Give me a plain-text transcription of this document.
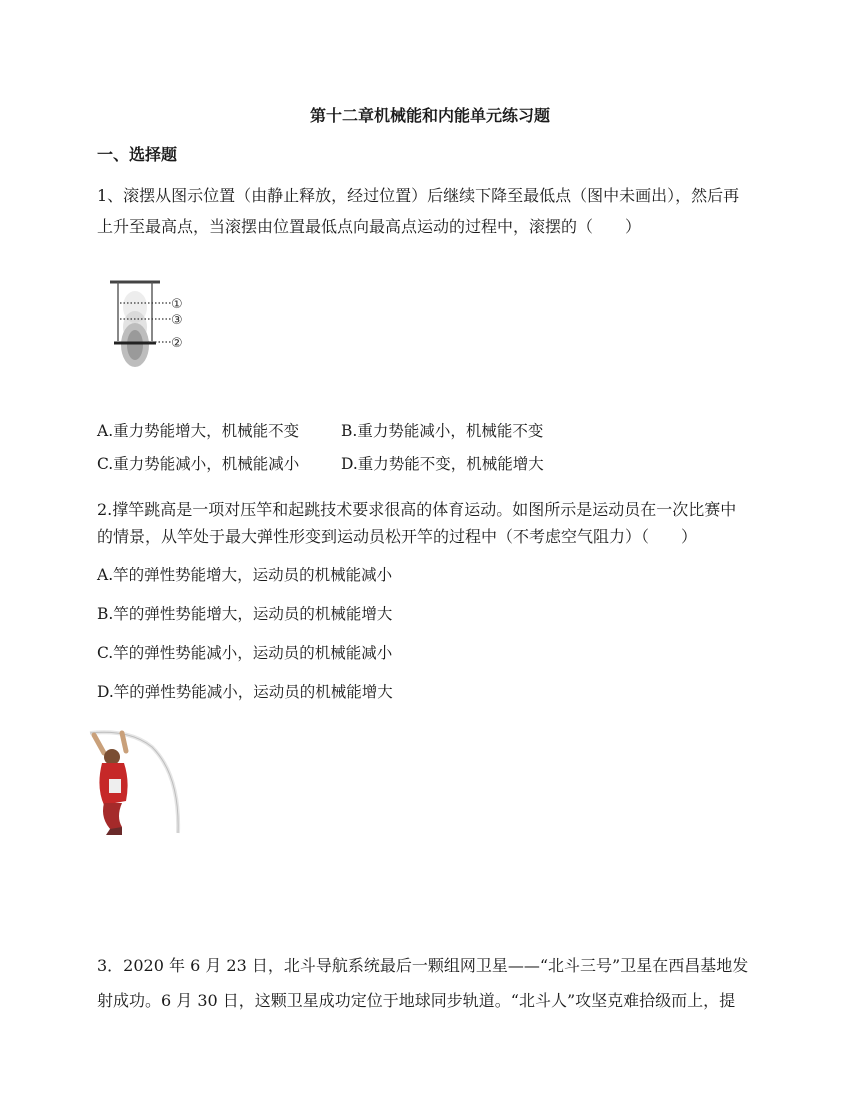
第十二章机械能和内能单元练习题
一、选择题
1、滚摆从图示位置（由静止释放，经过位置）后继续下降至最低点（图中未画出），然后再
上升至最高点，当滚摆由位置最低点向最高点运动的过程中，滚摆的（　　）
①
③
②
A.重力势能增大，机械能不变	B.重力势能减小，机械能不变
C.重力势能减小，机械能减小	D.重力势能不变，机械能增大
2.撑竿跳高是一项对压竿和起跳技术要求很高的体育运动。如图所示是运动员在一次比赛中
的情景，从竿处于最大弹性形变到运动员松开竿的过程中（不考虑空气阻力）（　　）
A.竿的弹性势能增大，运动员的机械能减小
B.竿的弹性势能增大，运动员的机械能增大
C.竿的弹性势能减小，运动员的机械能减小
D.竿的弹性势能减小，运动员的机械能增大
3．2020 年 6 月 23 日，北斗导航系统最后一颗组网卫星——“北斗三号”卫星在西昌基地发
射成功。6 月 30 日，这颗卫星成功定位于地球同步轨道。“北斗人”攻坚克难拾级而上，提
